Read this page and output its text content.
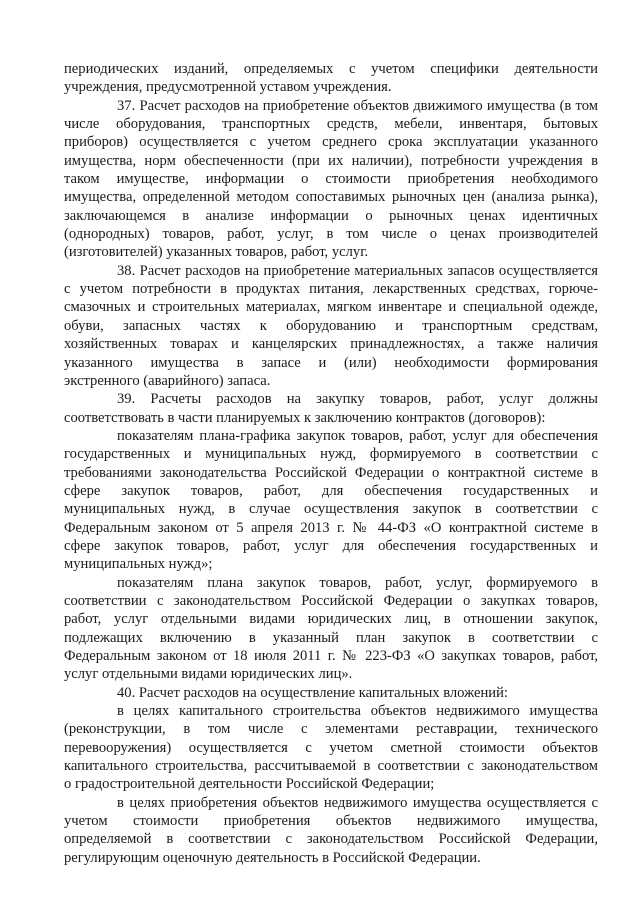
периодических изданий, определяемых с учетом специфики деятельности
учреждения, предусмотренной уставом учреждения.
37. Расчет расходов на приобретение объектов движимого имущества (в том
числе оборудования, транспортных средств, мебели, инвентаря, бытовых
приборов) осуществляется с учетом среднего срока эксплуатации указанного
имущества, норм обеспеченности (при их наличии), потребности учреждения в
таком имуществе, информации о стоимости приобретения необходимого
имущества, определенной методом сопоставимых рыночных цен (анализа рынка),
заключающемся в анализе информации о рыночных ценах идентичных
(однородных) товаров, работ, услуг, в том числе о ценах производителей
(изготовителей) указанных товаров, работ, услуг.
38. Расчет расходов на приобретение материальных запасов осуществляется
с учетом потребности в продуктах питания, лекарственных средствах, горюче-
смазочных и строительных материалах, мягком инвентаре и специальной одежде,
обуви, запасных частях к оборудованию и транспортным средствам,
хозяйственных товарах и канцелярских принадлежностях, а также наличия
указанного имущества в запасе и (или) необходимости формирования
экстренного (аварийного) запаса.
39. Расчеты расходов на закупку товаров, работ, услуг должны
соответствовать в части планируемых к заключению контрактов (договоров):
показателям плана-графика закупок товаров, работ, услуг для обеспечения
государственных и муниципальных нужд, формируемого в соответствии с
требованиями законодательства Российской Федерации о контрактной системе в
сфере закупок товаров, работ, для обеспечения государственных и
муниципальных нужд, в случае осуществления закупок в соответствии с
Федеральным законом от 5 апреля 2013 г. № 44-ФЗ «О контрактной системе в
сфере закупок товаров, работ, услуг для обеспечения государственных и
муниципальных нужд»;
показателям плана закупок товаров, работ, услуг, формируемого в
соответствии с законодательством Российской Федерации о закупках товаров,
работ, услуг отдельными видами юридических лиц, в отношении закупок,
подлежащих включению в указанный план закупок в соответствии с
Федеральным законом от 18 июля 2011 г. № 223-ФЗ «О закупках товаров, работ,
услуг отдельными видами юридических лиц».
40. Расчет расходов на осуществление капитальных вложений:
в целях капитального строительства объектов недвижимого имущества
(реконструкции, в том числе с элементами реставрации, технического
перевооружения) осуществляется с учетом сметной стоимости объектов
капитального строительства, рассчитываемой в соответствии с законодательством
о градостроительной деятельности Российской Федерации;
в целях приобретения объектов недвижимого имущества осуществляется с
учетом стоимости приобретения объектов недвижимого имущества,
определяемой в соответствии с законодательством Российской Федерации,
регулирующим оценочную деятельность в Российской Федерации.
